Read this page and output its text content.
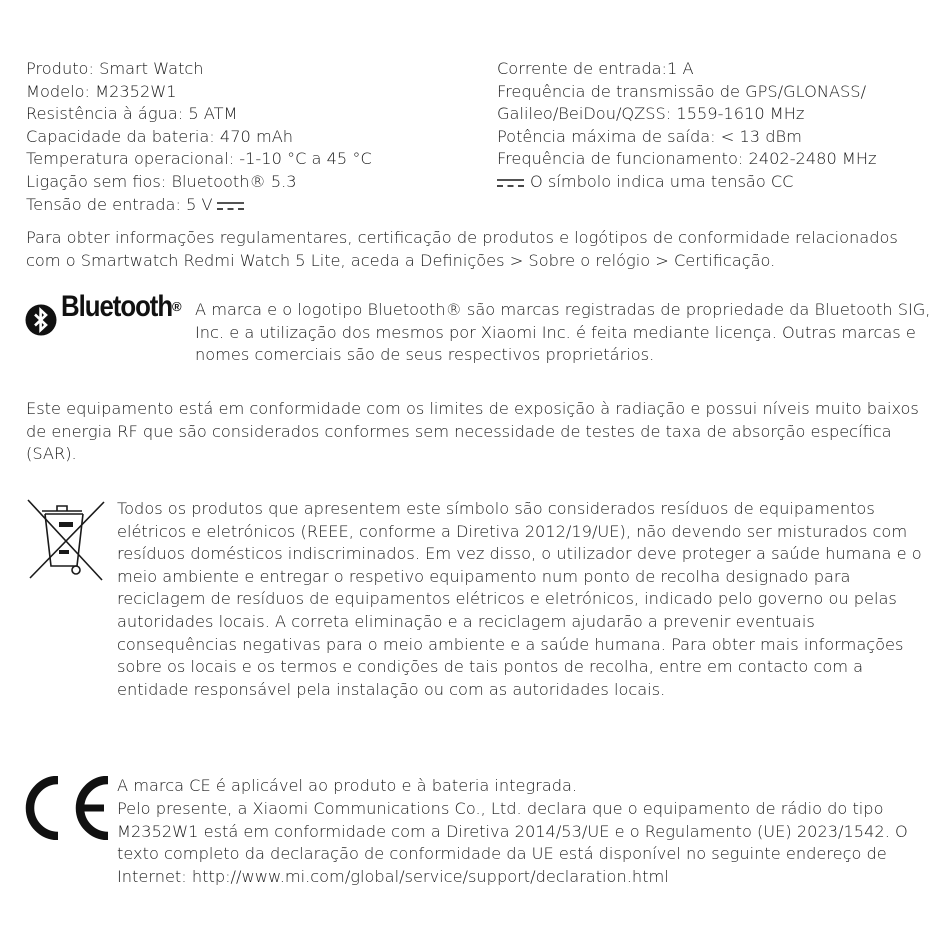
Produto: Smart Watch
Modelo: M2352W1
Resistência à água: 5 ATM
Capacidade da bateria: 470 mAh
Temperatura operacional: -1-10 °C a 45 °C
Ligação sem fios: Bluetooth® 5.3
Tensão de entrada: 5 V
Corrente de entrada:1 A
Frequência de transmissão de GPS/GLONASS/
Galileo/BeiDou/QZSS: 1559-1610 MHz
Potência máxima de saída: < 13 dBm
Frequência de funcionamento: 2402-2480 MHz
O símbolo indica uma tensão CC
Para obter informações regulamentares, certificação de produtos e logótipos de conformidade relacionados com o Smartwatch Redmi Watch 5 Lite, aceda a Definições > Sobre o relógio > Certificação.
Bluetooth ® A marca e o logotipo Bluetooth® são marcas registradas de propriedade da Bluetooth SIG, Inc. e a utilização dos mesmos por Xiaomi Inc. é feita mediante licença. Outras marcas e nomes comerciais são de seus respectivos proprietários.
Este equipamento está em conformidade com os limites de exposição à radiação e possui níveis muito baixos de energia RF que são considerados conformes sem necessidade de testes de taxa de absorção específica (SAR).
Todos os produtos que apresentem este símbolo são considerados resíduos de equipamentos elétricos e eletrónicos (REEE, conforme a Diretiva 2012/19/UE), não devendo ser misturados com resíduos domésticos indiscriminados. Em vez disso, o utilizador deve proteger a saúde humana e o meio ambiente e entregar o respetivo equipamento num ponto de recolha designado para reciclagem de resíduos de equipamentos elétricos e eletrónicos, indicado pelo governo ou pelas autoridades locais. A correta eliminação e a reciclagem ajudarão a prevenir eventuais consequências negativas para o meio ambiente e a saúde humana. Para obter mais informações sobre os locais e os termos e condições de tais pontos de recolha, entre em contacto com a entidade responsável pela instalação ou com as autoridades locais.
A marca CE é aplicável ao produto e à bateria integrada.
Pelo presente, a Xiaomi Communications Co., Ltd. declara que o equipamento de rádio do tipo M2352W1 está em conformidade com a Diretiva 2014/53/UE e o Regulamento (UE) 2023/1542. O texto completo da declaração de conformidade da UE está disponível no seguinte endereço de Internet: http://www.mi.com/global/service/support/declaration.html
